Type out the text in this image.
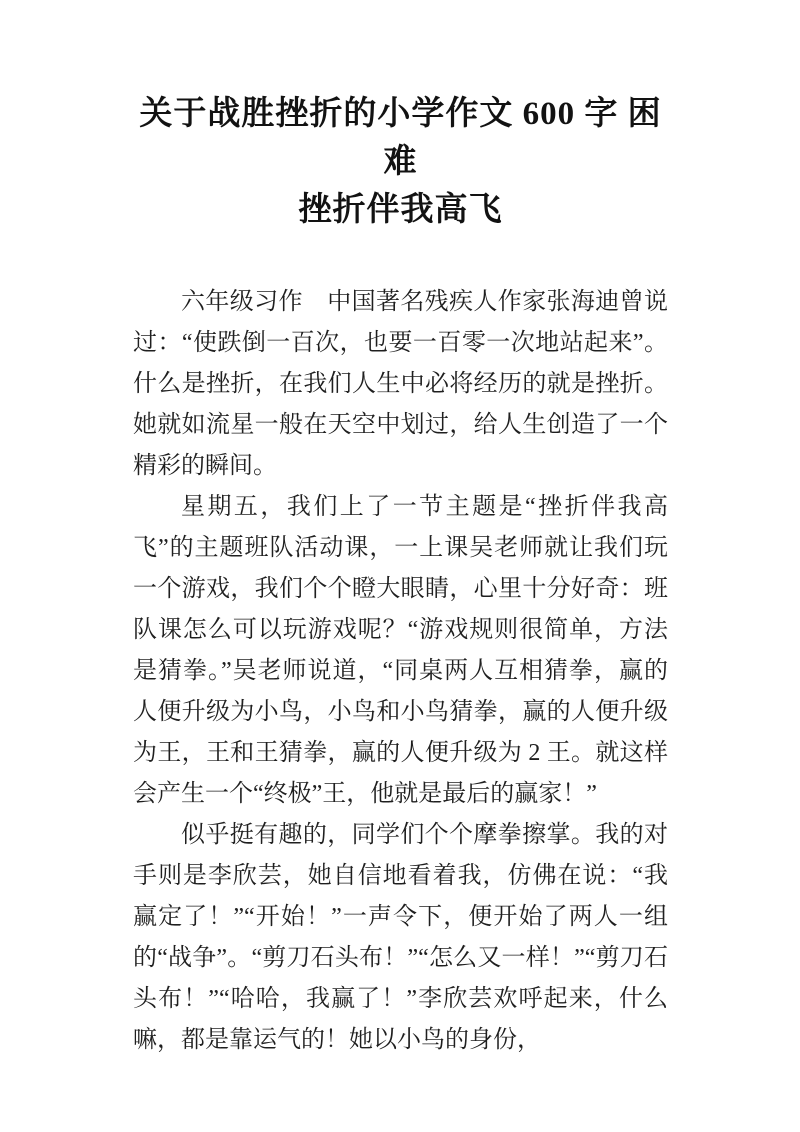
关于战胜挫折的小学作文 600 字 困难
挫折伴我高飞

六年级习作　中国著名残疾人作家张海迪曾说过：“使跌倒一百次，也要一百零一次地站起来”。什么是挫折，在我们人生中必将经历的就是挫折。她就如流星一般在天空中划过，给人生创造了一个精彩的瞬间。

星期五，我们上了一节主题是“挫折伴我高飞”的主题班队活动课，一上课吴老师就让我们玩一个游戏，我们个个瞪大眼睛，心里十分好奇：班队课怎么可以玩游戏呢？“游戏规则很简单，方法是猜拳。”吴老师说道，“同桌两人互相猜拳，赢的人便升级为小鸟，小鸟和小鸟猜拳，赢的人便升级为王，王和王猜拳，赢的人便升级为 2 王。就这样会产生一个“终极”王，他就是最后的赢家！”

似乎挺有趣的，同学们个个摩拳擦掌。我的对手则是李欣芸，她自信地看着我，仿佛在说：“我赢定了！”“开始！”一声令下，便开始了两人一组的“战争”。“剪刀石头布！”“怎么又一样！”“剪刀石头布！”“哈哈，我赢了！”李欣芸欢呼起来，什么嘛，都是靠运气的！她以小鸟的身份，
